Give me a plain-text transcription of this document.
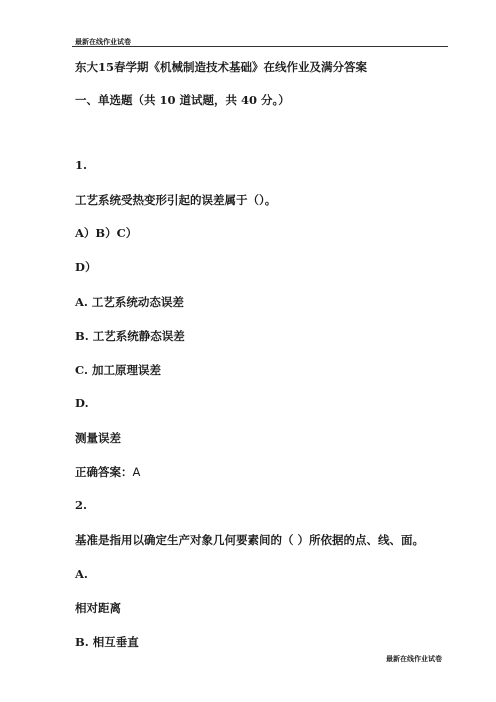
最新在线作业试卷
东大15春学期《机械制造技术基础》在线作业及满分答案
一、单选题（共 10 道试题，共 40 分。）
1.
工艺系统受热变形引起的误差属于（）。
A）B）C）
D）
A. 工艺系统动态误差
B. 工艺系统静态误差
C. 加工原理误差
D.
测量误差
正确答案：A
2.
基准是指用以确定生产对象几何要素间的（ ）所依据的点、线、面。
A.
相对距离
B. 相互垂直
最新在线作业试卷
